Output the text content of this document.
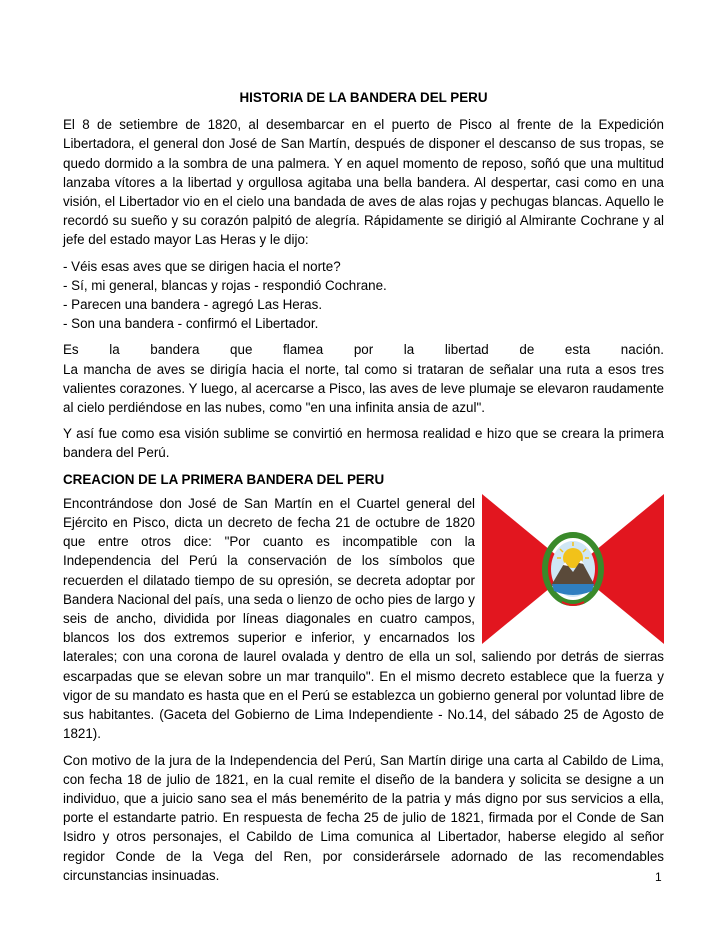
HISTORIA DE LA BANDERA DEL PERU

El 8 de setiembre de 1820, al desembarcar en el puerto de Pisco al frente de la Expedición Libertadora, el general don José de San Martín, después de disponer el descanso de sus tropas, se quedo dormido a la sombra de una palmera. Y en aquel momento de reposo, soñó que una multitud lanzaba vítores a la libertad y orgullosa agitaba una bella bandera. Al despertar, casi como en una visión, el Libertador vio en el cielo una bandada de aves de alas rojas y pechugas blancas. Aquello le recordó su sueño y su corazón palpitó de alegría. Rápidamente se dirigió al Almirante Cochrane y al jefe del estado mayor Las Heras y le dijo:

- Véis esas aves que se dirigen hacia el norte?
- Sí, mi general, blancas y rojas - respondió Cochrane.
- Parecen una bandera - agregó Las Heras.
- Son una bandera - confirmó el Libertador.
Es la bandera que flamea por la libertad de esta nación.

La mancha de aves se dirigía hacia el norte, tal como si trataran de señalar una ruta a esos tres valientes corazones. Y luego, al acercarse a Pisco, las aves de leve plumaje se elevaron raudamente al cielo perdiéndose en las nubes, como "en una infinita ansia de azul".

Y así fue como esa visión sublime se convirtió en hermosa realidad e hizo que se creara la primera bandera del Perú.

CREACION DE LA PRIMERA BANDERA DEL PERU

Encontrándose don José de San Martín en el Cuartel general del Ejército en Pisco, dicta un decreto de fecha 21 de octubre de 1820 que entre otros dice: "Por cuanto es incompatible con la Independencia del Perú la conservación de los símbolos que recuerden el dilatado tiempo de su opresión, se decreta adoptar por Bandera Nacional del país, una seda o lienzo de ocho pies de largo y seis de ancho, dividida por líneas diagonales en cuatro campos, blancos los dos extremos superior e inferior, y encarnados los laterales; con una corona de laurel ovalada y dentro de ella un sol, saliendo por detrás de sierras escarpadas que se elevan sobre un mar tranquilo". En el mismo decreto establece que la fuerza y vigor de su mandato es hasta que en el Perú se establezca un gobierno general por voluntad libre de sus habitantes. (Gaceta del Gobierno de Lima Independiente - No.14, del sábado 25 de Agosto de 1821).

Con motivo de la jura de la Independencia del Perú, San Martín dirige una carta al Cabildo de Lima, con fecha 18 de julio de 1821, en la cual remite el diseño de la bandera y solicita se designe a un individuo, que a juicio sano sea el más benemérito de la patria y más digno por sus servicios a ella, porte el estandarte patrio. En respuesta de fecha 25 de julio de 1821, firmada por el Conde de San Isidro y otros personajes, el Cabildo de Lima comunica al Libertador, haberse elegido al señor regidor Conde de la Vega del Ren, por considerársele adornado de las recomendables circunstancias insinuadas.	1
